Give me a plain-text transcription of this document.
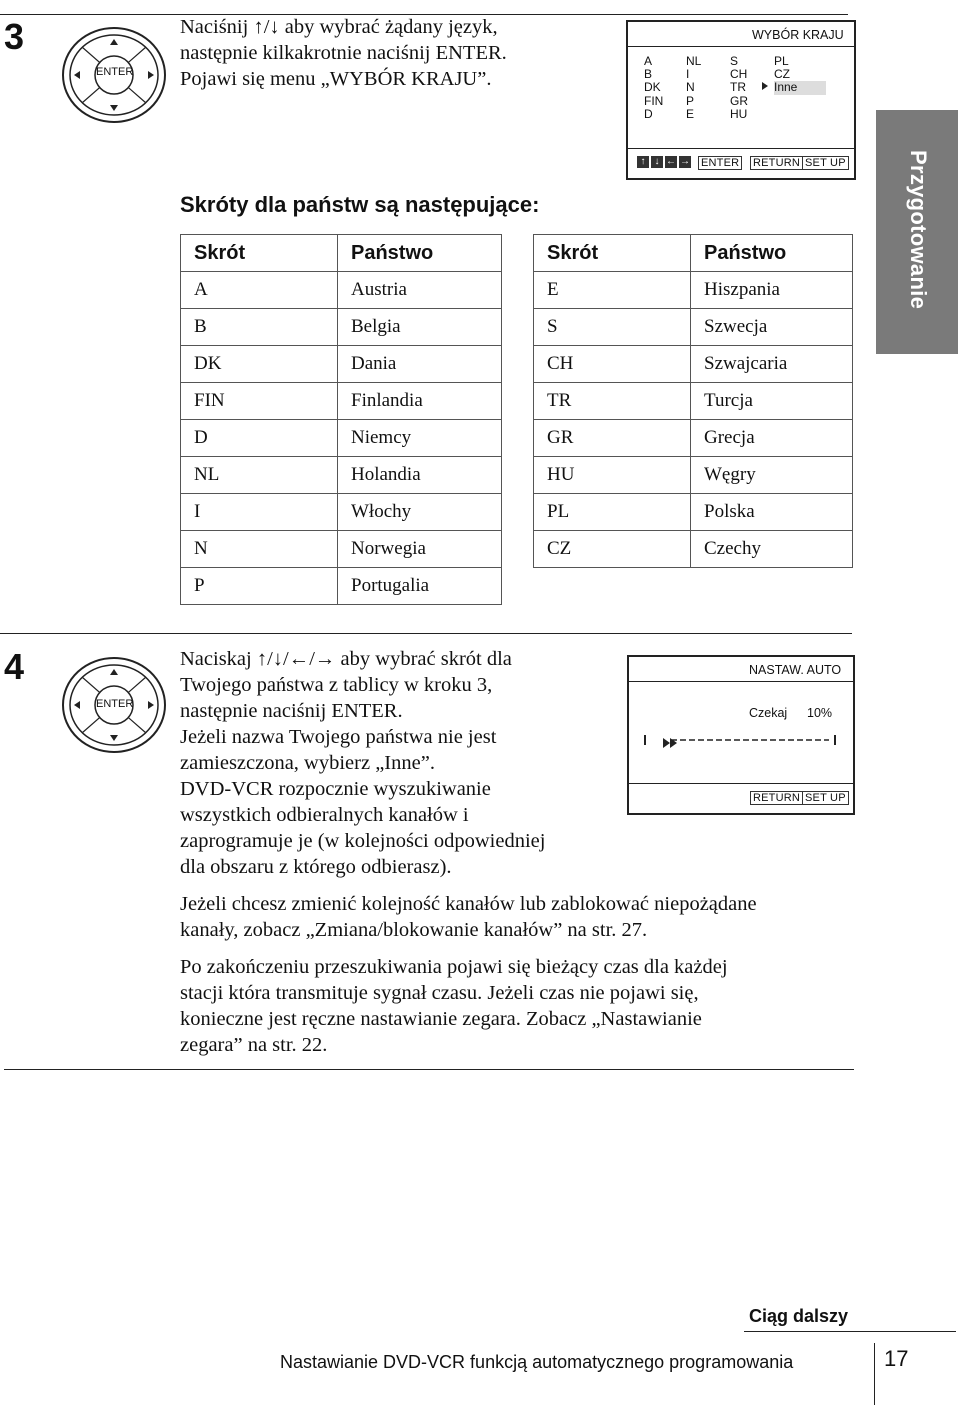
3
ENTER
Naciśnij ↑/↓ aby wybrać żądany język,
następnie kilkakrotnie naciśnij ENTER.
Pojawi się menu „WYBÓR KRAJU”.
WYBÓR KRAJU
A
B
DK
FIN
D
NL
I
N
P
E
S
CH
TR
GR
HU
PL
CZ
Inne
↑ ↓ ← → ENTER RETURN SET UP	Przygotowanie
Skróty dla państw są następujące:
Skrót	Państwo
A	Austria
B	Belgia
DK	Dania
FIN	Finlandia
D	Niemcy
NL	Holandia
I	Włochy
N	Norwegia
P	Portugalia
Skrót	Państwo
E	Hiszpania
S	Szwecja
CH	Szwajcaria
TR	Turcja
GR	Grecja
HU	Węgry
PL	Polska
CZ	Czechy
4
ENTER
Naciskaj ↑/↓/←/→ aby wybrać skrót dla
Twojego państwa z tablicy w kroku 3,
następnie naciśnij ENTER.
Jeżeli nazwa Twojego państwa nie jest
zamieszczona, wybierz „Inne”.
DVD-VCR rozpocznie wyszukiwanie
wszystkich odbieralnych kanałów i
zaprogramuje je (w kolejności odpowiedniej
dla obszaru z którego odbierasz).
NASTAW. AUTO
Czekaj 10%
RETURN SET UP
Jeżeli chcesz zmienić kolejność kanałów lub zablokować niepożądane
kanały, zobacz „Zmiana/blokowanie kanałów” na str. 27.
Po zakończeniu przeszukiwania pojawi się bieżący czas dla każdej
stacji która transmituje sygnał czasu. Jeżeli czas nie pojawi się,
konieczne jest ręczne nastawianie zegara. Zobacz „Nastawianie
zegara” na str. 22.
Ciąg dalszy
Nastawianie DVD-VCR funkcją automatycznego programowania	17
